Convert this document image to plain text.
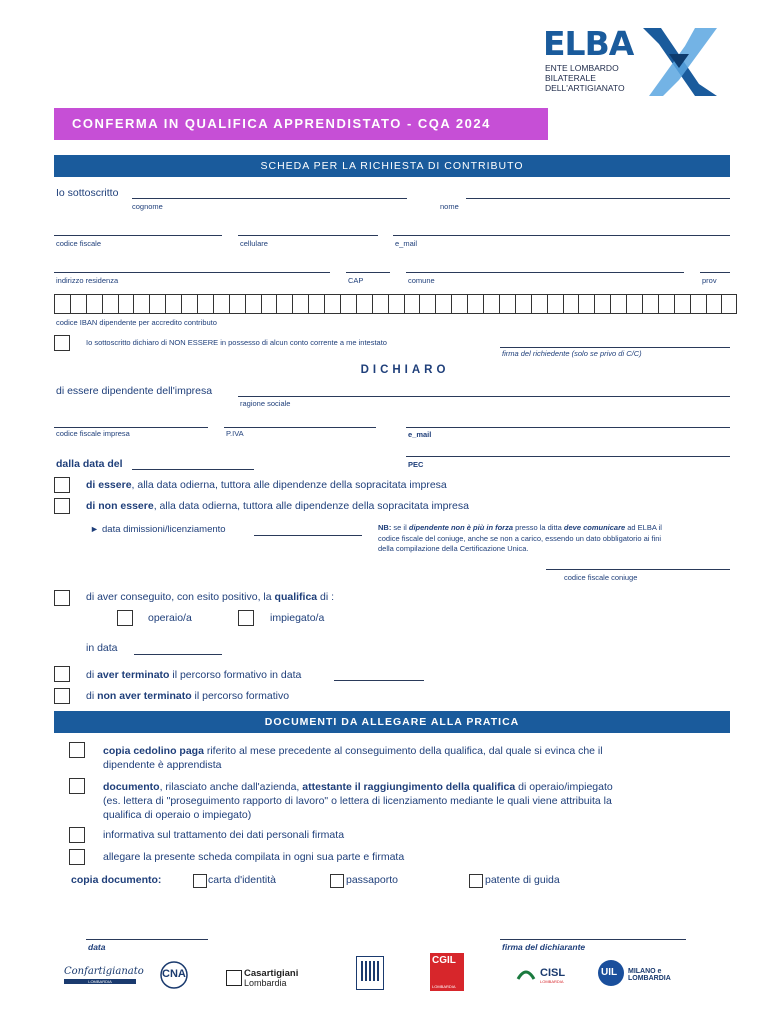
ELBA
ENTE LOMBARDO
BILATERALE
DELL'ARTIGIANATO
CONFERMA IN QUALIFICA APPRENDISTATO - CQA 2024
SCHEDA PER LA RICHIESTA DI CONTRIBUTO
Io sottoscritto
cognome	nome
codice fiscale	cellulare	e_mail
indirizzo residenza	CAP	comune	prov
codice IBAN dipendente per accredito contributo
Io sottoscritto dichiaro di NON ESSERE in possesso di alcun conto corrente a me intestato
firma del richiedente (solo se privo di C/C)
DICHIARO
di essere dipendente dell'impresa
ragione sociale
codice fiscale impresa	P.IVA	e_mail
dalla data del	PEC
di essere, alla data odierna, tuttora alle dipendenze della sopracitata impresa
di non essere, alla data odierna, tuttora alle dipendenze della sopracitata impresa
► data dimissioni/licenziamento	NB: se il dipendente non è più in forza presso la ditta deve comunicare ad ELBA il
codice fiscale del coniuge, anche se non a carico, essendo un dato obbligatorio ai fini
della compilazione della Certificazione Unica.
codice fiscale coniuge
di aver conseguito, con esito positivo, la qualifica di :
operaio/a	impiegato/a
in data
di aver terminato il percorso formativo in data
di non aver terminato il percorso formativo
DOCUMENTI DA ALLEGARE ALLA PRATICA
copia cedolino paga riferito al mese precedente al conseguimento della qualifica, dal quale si evinca che il
dipendente è apprendista
documento, rilasciato anche dall'azienda, attestante il raggiungimento della qualifica di operaio/impiegato
(es. lettera di "proseguimento rapporto di lavoro" o lettera di licenziamento mediante le quali viene attribuita la
qualifica di operaio o impiegato)
informativa sul trattamento dei dati personali firmata
allegare la presente scheda compilata in ogni sua parte e firmata
copia documento:	carta d'identità	passaporto	patente di guida
data	firma del dichiarante
Confartigianato
LOMBARDIA
CNA	Casartigiani
Lombardia
CGIL
LOMBARDIA
CISL
LOMBARDIA
UIL MILANO e LOMBARDIA
